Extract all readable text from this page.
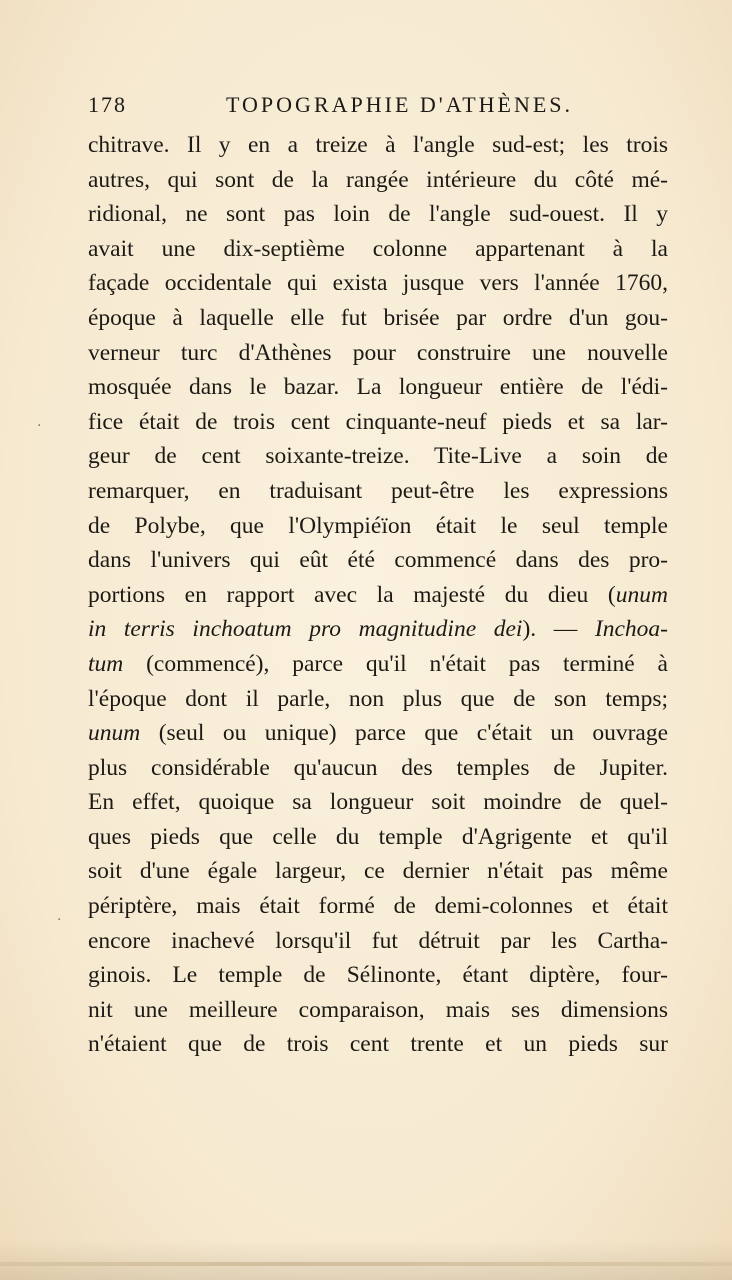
178	TOPOGRAPHIE D'ATHÈNES.
chitrave. Il y en a treize à l'angle sud-est; les trois
autres, qui sont de la rangée intérieure du côté mé-
ridional, ne sont pas loin de l'angle sud-ouest. Il y
avait une dix-septième colonne appartenant à la
façade occidentale qui exista jusque vers l'année 1760,
époque à laquelle elle fut brisée par ordre d'un gou-
verneur turc d'Athènes pour construire une nouvelle
mosquée dans le bazar. La longueur entière de l'édi-
fice était de trois cent cinquante-neuf pieds et sa lar-
geur de cent soixante-treize. Tite-Live a soin de
remarquer, en traduisant peut-être les expressions
de Polybe, que l'Olympiéïon était le seul temple
dans l'univers qui eût été commencé dans des pro-
portions en rapport avec la majesté du dieu (unum
in terris inchoatum pro magnitudine dei). — Inchoa-
tum (commencé), parce qu'il n'était pas terminé à
l'époque dont il parle, non plus que de son temps;
unum (seul ou unique) parce que c'était un ouvrage
plus considérable qu'aucun des temples de Jupiter.
En effet, quoique sa longueur soit moindre de quel-
ques pieds que celle du temple d'Agrigente et qu'il
soit d'une égale largeur, ce dernier n'était pas même
périptère, mais était formé de demi-colonnes et était
encore inachevé lorsqu'il fut détruit par les Cartha-
ginois. Le temple de Sélinonte, étant diptère, four-
nit une meilleure comparaison, mais ses dimensions
n'étaient que de trois cent trente et un pieds sur
·
·
